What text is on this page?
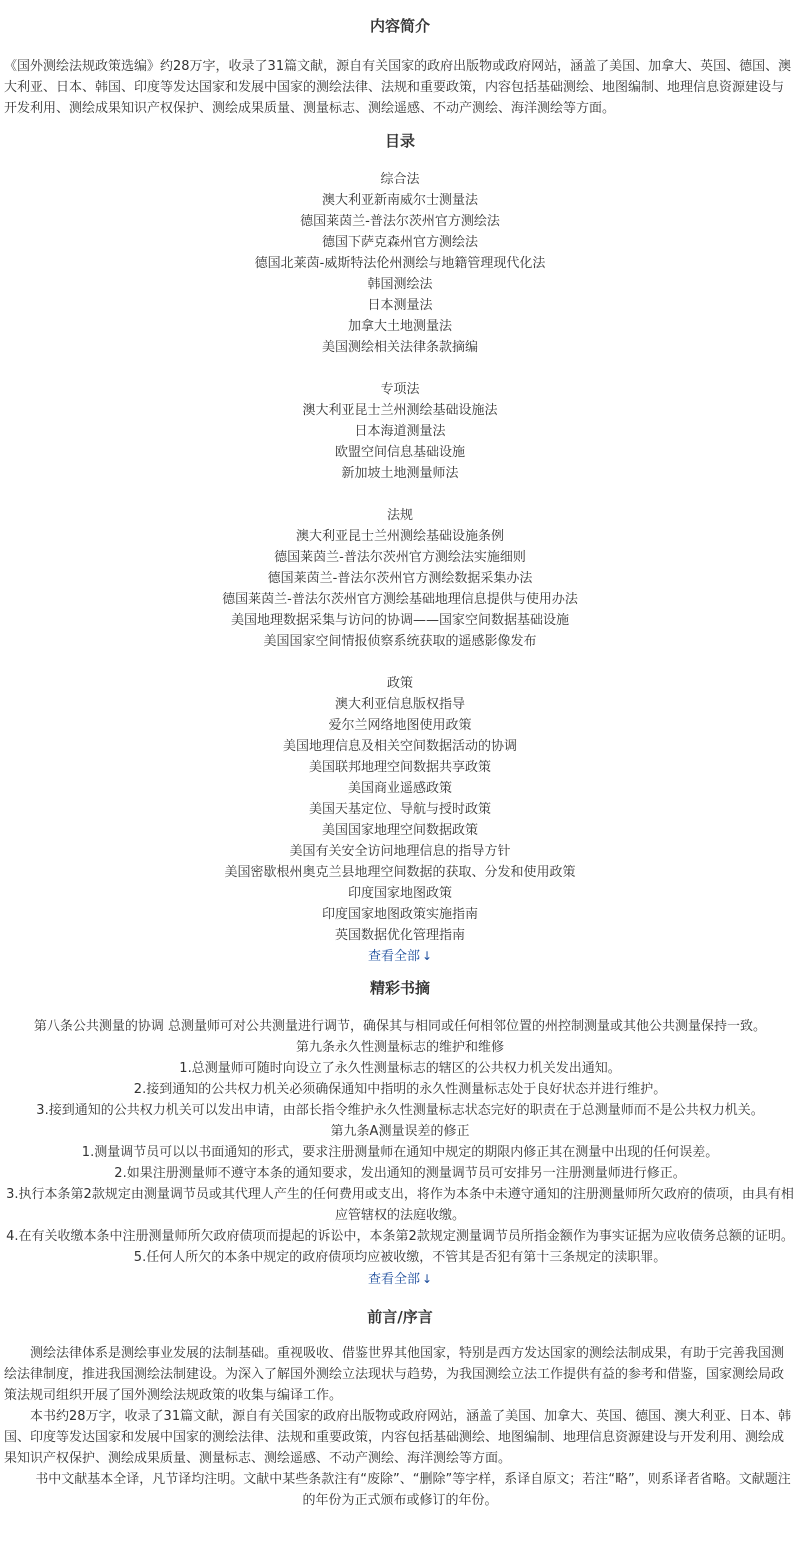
内容简介
《国外测绘法规政策选编》约28万字，收录了31篇文献，源自有关国家的政府出版物或政府网站，涵盖了美国、加拿大、英国、德国、澳大利亚、日本、韩国、印度等发达国家和发展中国家的测绘法律、法规和重要政策，内容包括基础测绘、地图编制、地理信息资源建设与开发利用、测绘成果知识产权保护、测绘成果质量、测量标志、测绘遥感、不动产测绘、海洋测绘等方面。
目录
综合法
澳大利亚新南威尔士测量法
德国莱茵兰-普法尔茨州官方测绘法
德国下萨克森州官方测绘法
德国北莱茵-威斯特法伦州测绘与地籍管理现代化法
韩国测绘法
日本测量法
加拿大土地测量法
美国测绘相关法律条款摘编
专项法
澳大利亚昆士兰州测绘基础设施法
日本海道测量法
欧盟空间信息基础设施
新加坡土地测量师法
法规
澳大利亚昆士兰州测绘基础设施条例
德国莱茵兰-普法尔茨州官方测绘法实施细则
德国莱茵兰-普法尔茨州官方测绘数据采集办法
德国莱茵兰-普法尔茨州官方测绘基础地理信息提供与使用办法
美国地理数据采集与访问的协调——国家空间数据基础设施
美国国家空间情报侦察系统获取的遥感影像发布
政策
澳大利亚信息版权指导
爱尔兰网络地图使用政策
美国地理信息及相关空间数据活动的协调
美国联邦地理空间数据共享政策
美国商业遥感政策
美国天基定位、导航与授时政策
美国国家地理空间数据政策
美国有关安全访问地理信息的指导方针
美国密歇根州奥克兰县地理空间数据的获取、分发和使用政策
印度国家地图政策
印度国家地图政策实施指南
英国数据优化管理指南
查看全部 ↓
精彩书摘

第八条公共测量的协调 总测量师可对公共测量进行调节，确保其与相同或任何相邻位置的州控制测量或其他公共测量保持一致。

第九条永久性测量标志的维护和维修

1.总测量师可随时向设立了永久性测量标志的辖区的公共权力机关发出通知。

2.接到通知的公共权力机关必须确保通知中指明的永久性测量标志处于良好状态并进行维护。

3.接到通知的公共权力机关可以发出申请，由部长指令维护永久性测量标志状态完好的职责在于总测量师而不是公共权力机关。

第九条A测量误差的修正

1.测量调节员可以以书面通知的形式，要求注册测量师在通知中规定的期限内修正其在测量中出现的任何误差。

2.如果注册测量师不遵守本条的通知要求，发出通知的测量调节员可安排另一注册测量师进行修正。

3.执行本条第2款规定由测量调节员或其代理人产生的任何费用或支出，将作为本条中未遵守通知的注册测量师所欠政府的债项，由具有相应管辖权的法庭收缴。

4.在有关收缴本条中注册测量师所欠政府债项而提起的诉讼中，本条第2款规定测量调节员所指金额作为事实证据为应收债务总额的证明。

5.任何人所欠的本条中规定的政府债项均应被收缴，不管其是否犯有第十三条规定的渎职罪。

查看全部 ↓
前言/序言

测绘法律体系是测绘事业发展的法制基础。重视吸收、借鉴世界其他国家，特别是西方发达国家的测绘法制成果，有助于完善我国测绘法律制度，推进我国测绘法制建设。为深入了解国外测绘立法现状与趋势，为我国测绘立法工作提供有益的参考和借鉴，国家测绘局政策法规司组织开展了国外测绘法规政策的收集与编译工作。

本书约28万字，收录了31篇文献，源自有关国家的政府出版物或政府网站，涵盖了美国、加拿大、英国、德国、澳大利亚、日本、韩国、印度等发达国家和发展中国家的测绘法律、法规和重要政策，内容包括基础测绘、地图编制、地理信息资源建设与开发利用、测绘成果知识产权保护、测绘成果质量、测量标志、测绘遥感、不动产测绘、海洋测绘等方面。

书中文献基本全译，凡节译均注明。文献中某些条款注有“废除”、“删除”等字样，系译自原文；若注“略”，则系译者省略。文献题注的年份为正式颁布或修订的年份。
